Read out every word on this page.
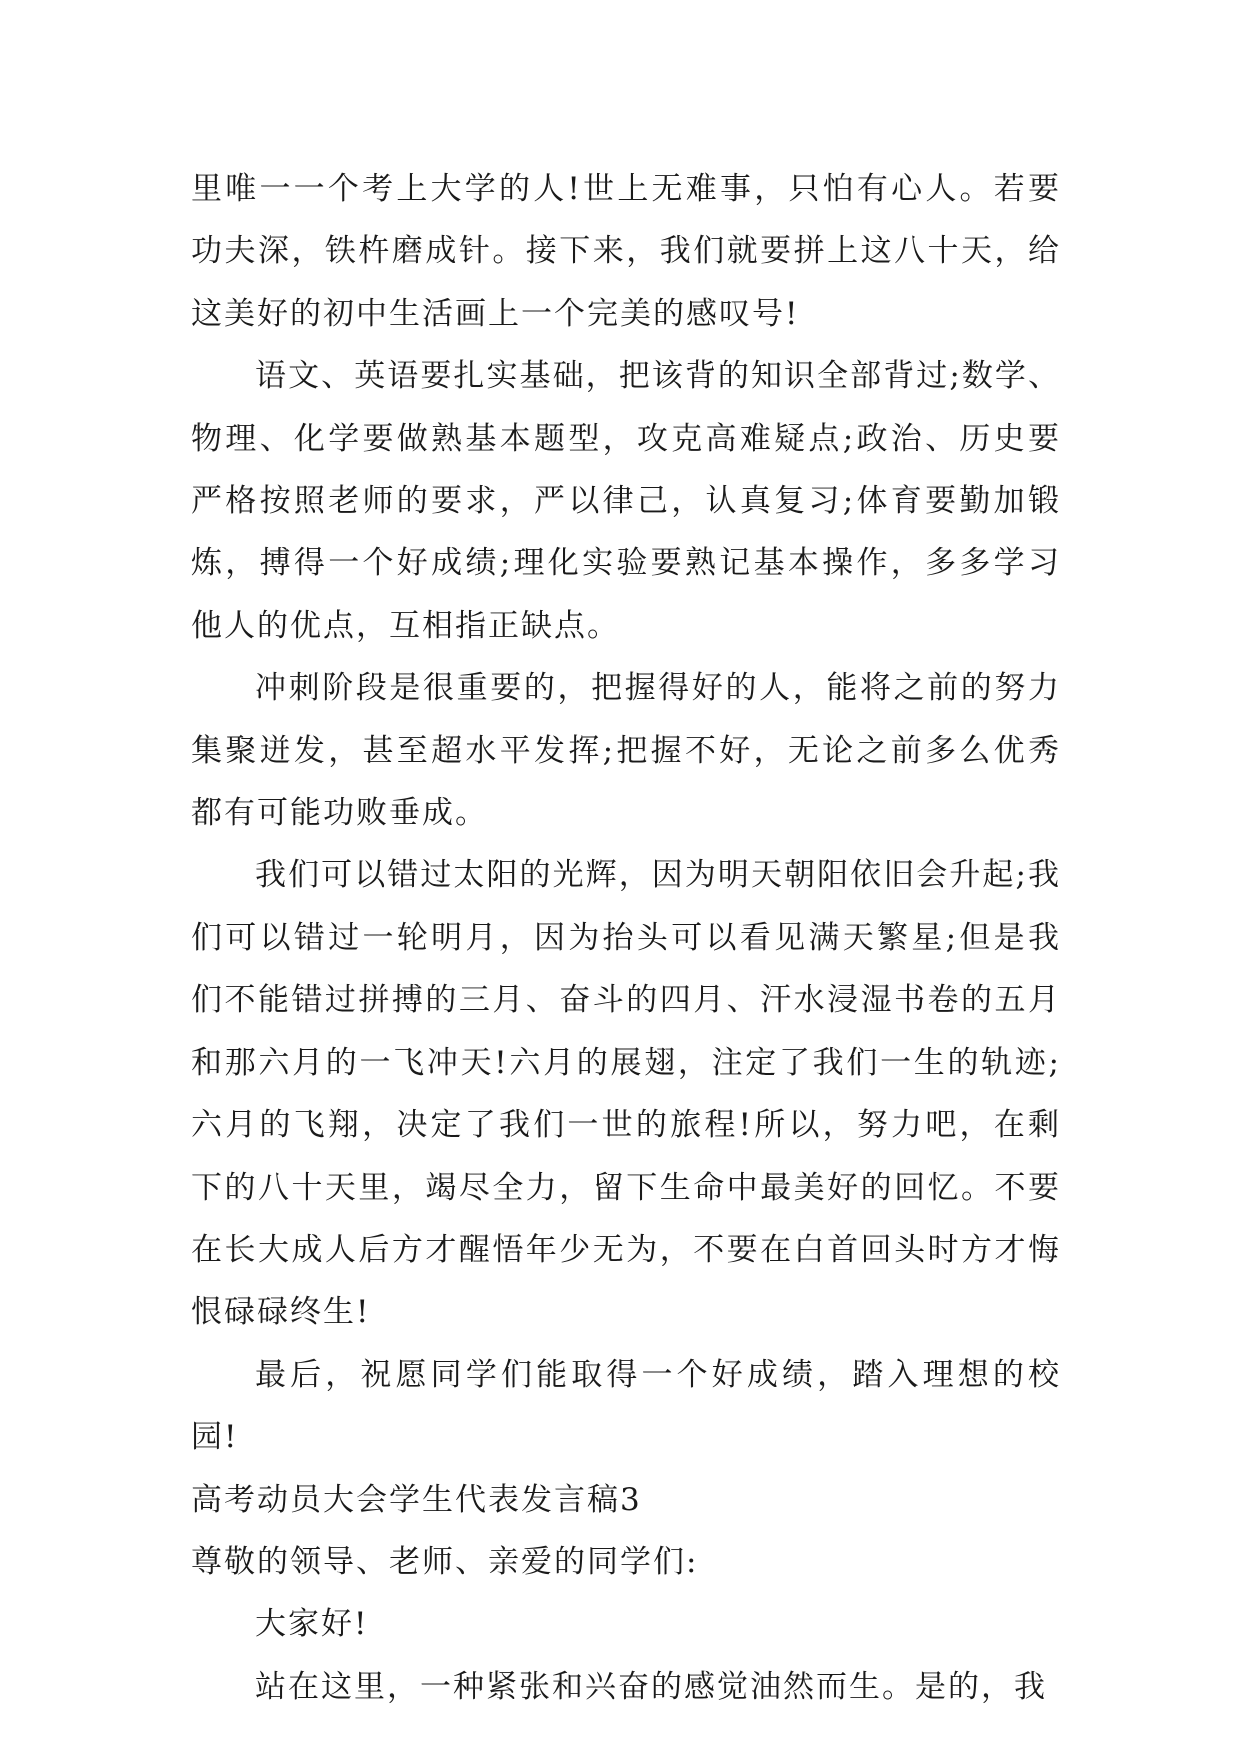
里唯一一个考上大学的人!世上无难事，只怕有心人。若要功夫深，铁杵磨成针。接下来，我们就要拼上这八十天，给这美好的初中生活画上一个完美的感叹号!

语文、英语要扎实基础，把该背的知识全部背过;数学、物理、化学要做熟基本题型，攻克高难疑点;政治、历史要严格按照老师的要求，严以律己，认真复习;体育要勤加锻炼，搏得一个好成绩;理化实验要熟记基本操作，多多学习他人的优点，互相指正缺点。

冲刺阶段是很重要的，把握得好的人，能将之前的努力集聚迸发，甚至超水平发挥;把握不好，无论之前多么优秀都有可能功败垂成。

我们可以错过太阳的光辉，因为明天朝阳依旧会升起;我们可以错过一轮明月，因为抬头可以看见满天繁星;但是我们不能错过拼搏的三月、奋斗的四月、汗水浸湿书卷的五月和那六月的一飞冲天!六月的展翅，注定了我们一生的轨迹;六月的飞翔，决定了我们一世的旅程!所以，努力吧，在剩下的八十天里，竭尽全力，留下生命中最美好的回忆。不要在长大成人后方才醒悟年少无为，不要在白首回头时方才悔恨碌碌终生!

最后，祝愿同学们能取得一个好成绩，踏入理想的校园!

高考动员大会学生代表发言稿3

尊敬的领导、老师、亲爱的同学们:

大家好!

站在这里，一种紧张和兴奋的感觉油然而生。是的，我
